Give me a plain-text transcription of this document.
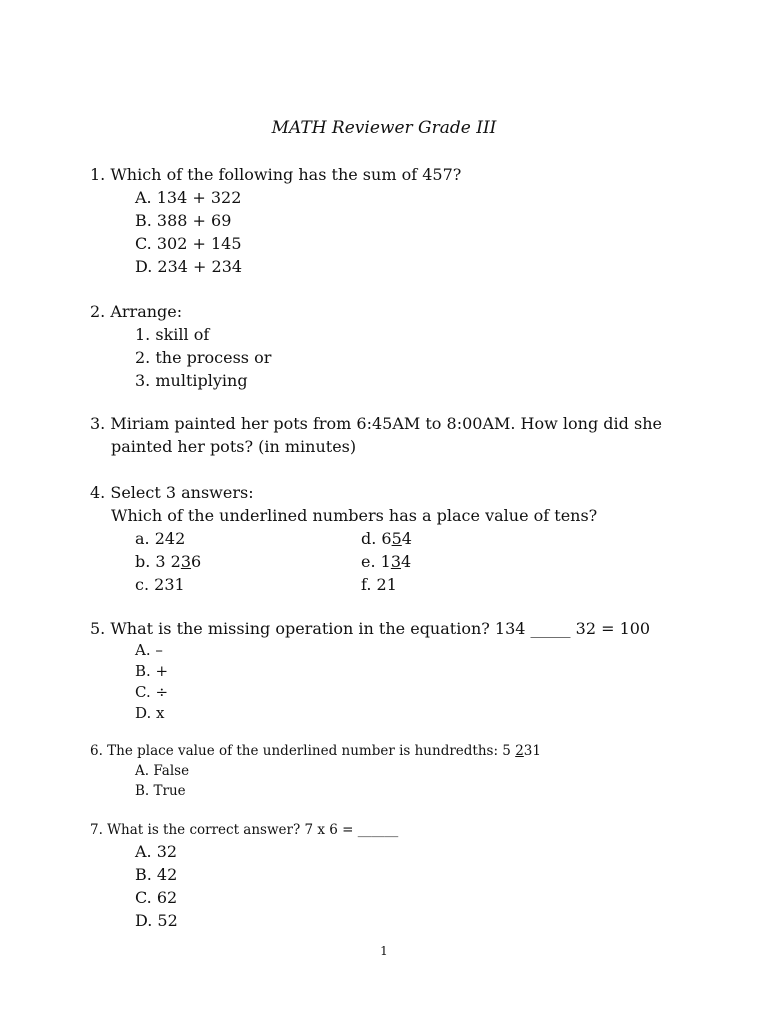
MATH Reviewer Grade III
1. Which of the following has the sum of 457?
A. 134 + 322
B. 388 + 69
C. 302 + 145
D. 234 + 234
2. Arrange:
1. skill of
2. the process or
3. multiplying
3. Miriam painted her pots from 6:45AM to 8:00AM. How long did she
painted her pots? (in minutes)
4. Select 3 answers:
Which of the underlined numbers has a place value of tens?
a. 242	d. 654
b. 3 236	e. 134
c. 231	f. 21
5. What is the missing operation in the equation? 134 _____ 32 = 100
A. –
B. +
C. ÷
D. x
6. The place value of the underlined number is hundredths: 5 231
A. False
B. True
7. What is the correct answer? 7 x 6 = ______
A. 32
B. 42
C. 62
D. 52
1
